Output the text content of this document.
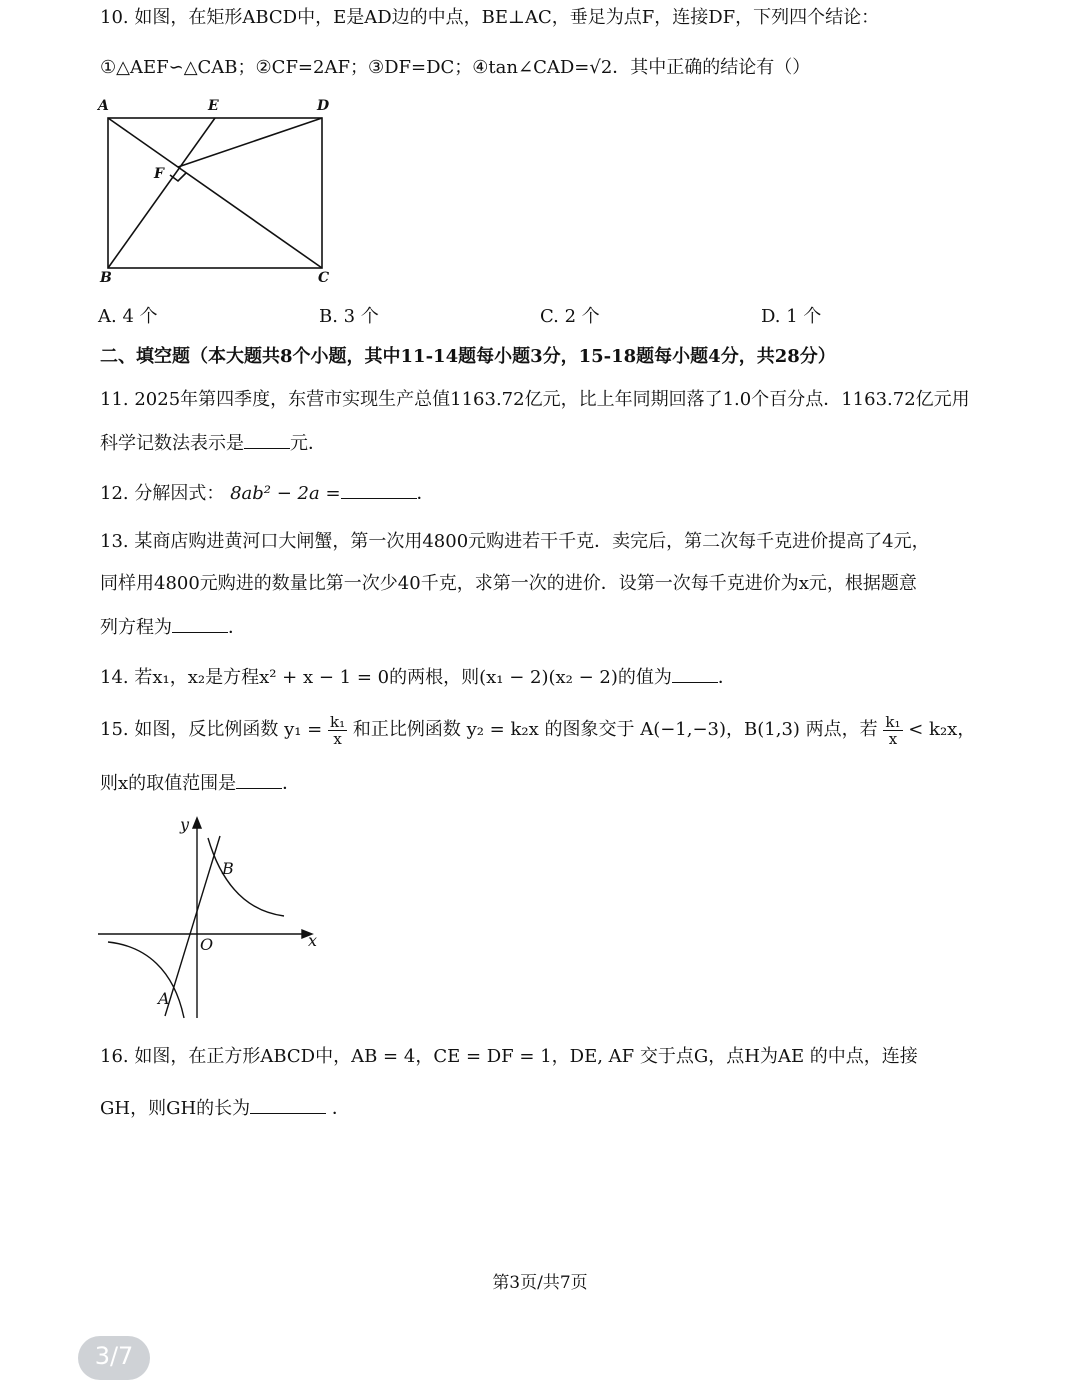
10. 如图，在矩形ABCD中，E是AD边的中点，BE⊥AC，垂足为点F，连接DF，下列四个结论：
①△AEF∽△CAB；②CF=2AF；③DF=DC；④tan∠CAD=√2．其中正确的结论有（）
A	E	D
F
B	C
A. 4 个	B. 3 个	C. 2 个	D. 1 个
二、填空题（本大题共8个小题，其中11-14题每小题3分，15-18题每小题4分，共28分）
11. 2025年第四季度，东营市实现生产总值1163.72亿元，比上年同期回落了1.0个百分点．1163.72亿元用
科学记数法表示是	元．
12. 分解因式： 8ab² − 2a =	．
13. 某商店购进黄河口大闸蟹，第一次用4800元购进若干千克．卖完后，第二次每千克进价提高了4元，
同样用4800元购进的数量比第一次少40千克，求第一次的进价．设第一次每千克进价为x元，根据题意
列方程为	．
14. 若x₁，x₂是方程x² + x − 1 = 0的两根，则(x₁ − 2)(x₂ − 2)的值为	．
15. 如图，反比例函数 $y_1 = \frac{\text{k₁}}{x}$ 和正比例函数 y₂ = k₂x 的图象交于 A(−1,−3)，B(1,3) 两点，若 $\frac{\text{k₁}}{x} < k_2x$，
则x的取值范围是	．
y
x
O
B
A
16. 如图，在正方形ABCD中，AB = 4，CE = DF = 1，DE, AF 交于点G，点H为AE 的中点，连接
GH，则GH的长为	．
第3页/共7页
3/7
